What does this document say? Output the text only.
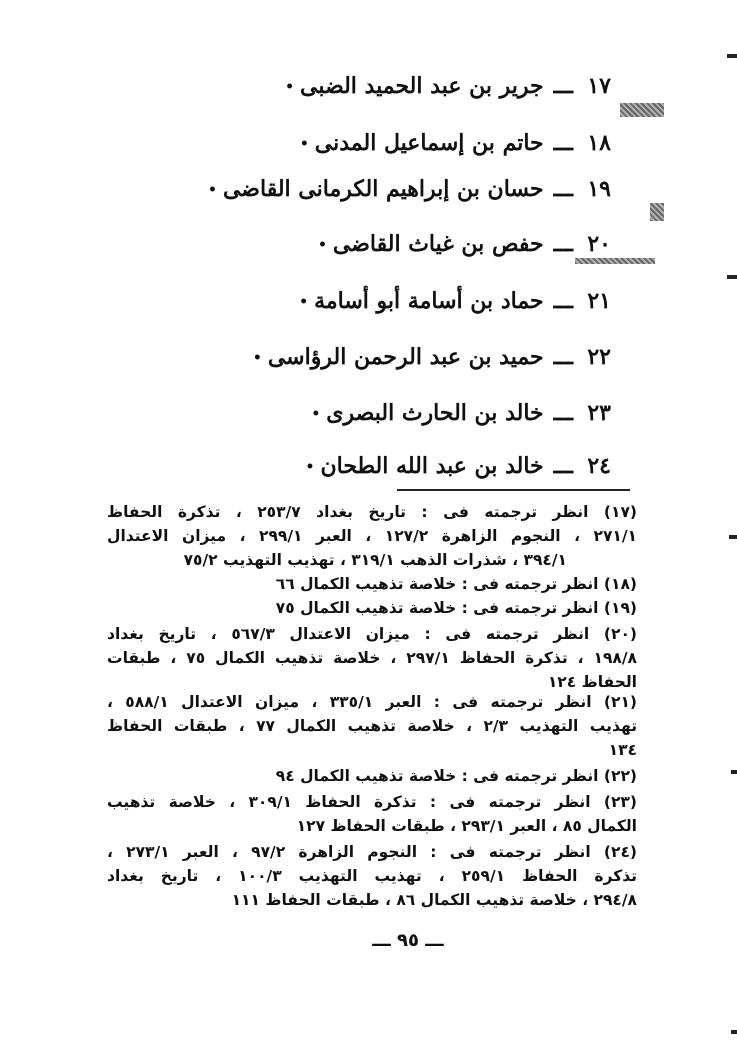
١٧ـــجرير بن عبد الحميد الضبى•
١٨ـــحاتم بن إسماعيل المدنى•
١٩ـــحسان بن إبراهيم الكرمانى القاضى•
٢٠ـــحفص بن غياث القاضى•
٢١ـــحماد بن أسامة أبو أسامة•
٢٢ـــحميد بن عبد الرحمن الرؤاسى•
٢٣ـــخالد بن الحارث البصرى•
٢٤ـــخالد بن عبد الله الطحان•
(١٧) انظر ترجمته فى : تاريخ بغداد ٢٥٣/٧ ، تذكرة الحفاظ
٢٧١/١ ، النجوم الزاهرة ١٢٧/٢ ، العبر ٢٩٩/١ ، ميزان الاعتدال
٣٩٤/١ ، شذرات الذهب ٣١٩/١ ، تهذيب التهذيب ٧٥/٢
(١٨) انظر ترجمته فى : خلاصة تذهيب الكمال ٦٦
(١٩) انظر ترجمته فى : خلاصة تذهيب الكمال ٧٥
(٢٠) انظر ترجمته فى : ميزان الاعتدال ٥٦٧/٣ ، تاريخ بغداد
١٩٨/٨ ، تذكرة الحفاظ ٢٩٧/١ ، خلاصة تذهيب الكمال ٧٥ ، طبقات
الحفاظ ١٢٤
(٢١) انظر ترجمته فى : العبر ٣٣٥/١ ، ميزان الاعتدال ٥٨٨/١ ،
تهذيب التهذيب ٢/٣ ، خلاصة تذهيب الكمال ٧٧ ، طبقات الحفاظ
١٣٤
(٢٢) انظر ترجمته فى : خلاصة تذهيب الكمال ٩٤
(٢٣) انظر ترجمته فى : تذكرة الحفاظ ٣٠٩/١ ، خلاصة تذهيب
الكمال ٨٥ ، العبر ٢٩٣/١ ، طبقات الحفاظ ١٢٧
(٢٤) انظر ترجمته فى : النجوم الزاهرة ٩٧/٢ ، العبر ٢٧٣/١ ،
تذكرة الحفاظ ٢٥٩/١ ، تهذيب التهذيب ١٠٠/٣ ، تاريخ بغداد
٢٩٤/٨ ، خلاصة تذهيب الكمال ٨٦ ، طبقات الحفاظ ١١١
ـــ ٩٥ ـــ
